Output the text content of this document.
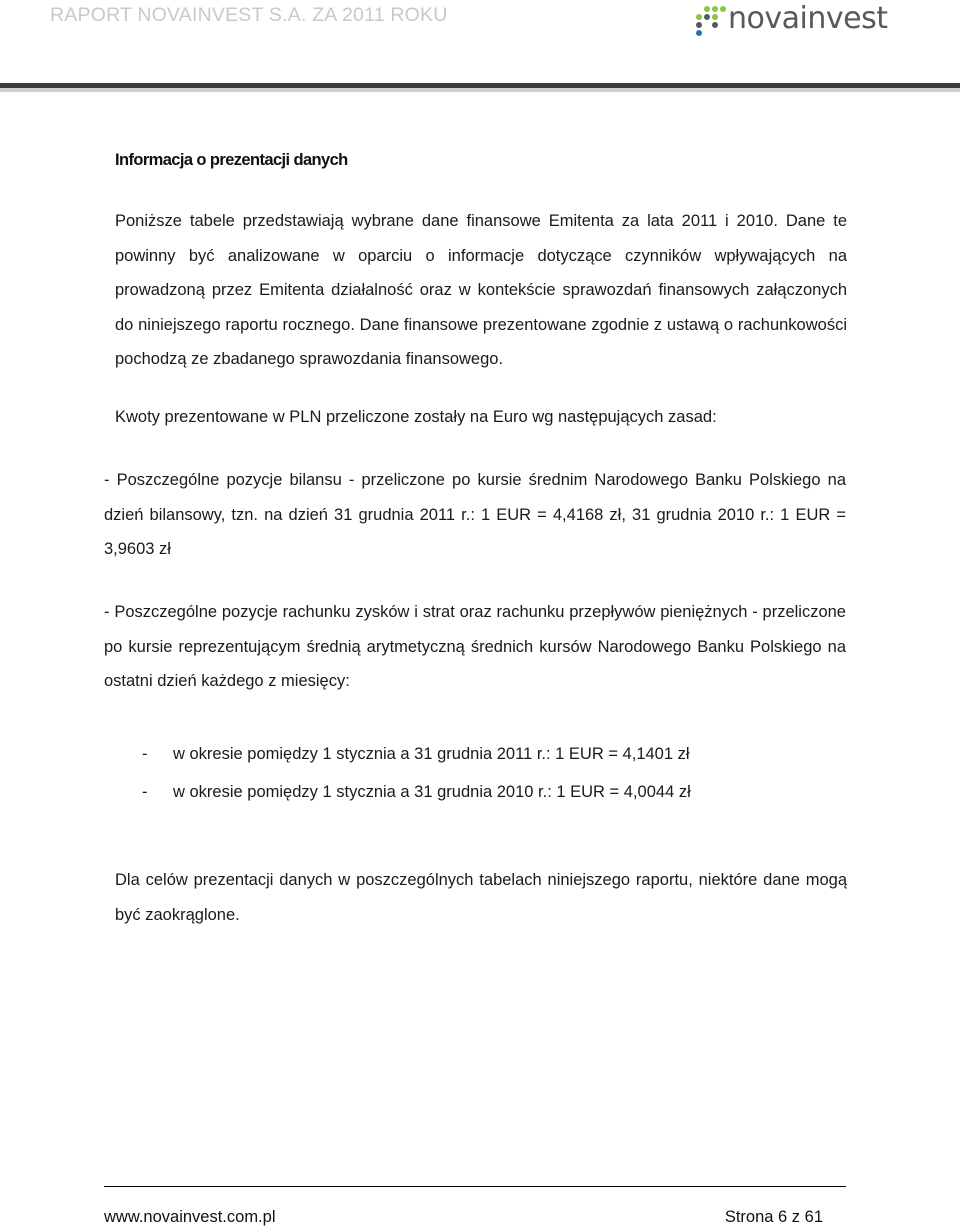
RAPORT NOVAINVEST S.A. ZA 2011 ROKU	novainvest
Informacja o prezentacji danych

Poniższe tabele przedstawiają wybrane dane finansowe Emitenta za lata 2011 i 2010. Dane te powinny być analizowane w oparciu o informacje dotyczące czynników wpływających na prowadzoną przez Emitenta działalność oraz w kontekście sprawozdań finansowych załączonych do niniejszego raportu rocznego. Dane finansowe prezentowane zgodnie z ustawą o rachunkowości pochodzą ze zbadanego sprawozdania finansowego.

Kwoty prezentowane w PLN przeliczone zostały na Euro wg następujących zasad:

- Poszczególne pozycje bilansu - przeliczone po kursie średnim Narodowego Banku Polskiego na dzień bilansowy, tzn. na dzień 31 grudnia 2011 r.: 1 EUR = 4,4168 zł, 31 grudnia 2010 r.: 1 EUR = 3,9603 zł

- Poszczególne pozycje rachunku zysków i strat oraz rachunku przepływów pieniężnych - przeliczone po kursie reprezentującym średnią arytmetyczną średnich kursów Narodowego Banku Polskiego na ostatni dzień każdego z miesięcy:

- w okresie pomiędzy 1 stycznia a 31 grudnia 2011 r.: 1 EUR = 4,1401 zł
- w okresie pomiędzy 1 stycznia a 31 grudnia 2010 r.: 1 EUR = 4,0044 zł

Dla celów prezentacji danych w poszczególnych tabelach niniejszego raportu, niektóre dane mogą być zaokrąglone.

www.novainvest.com.pl	Strona 6 z 61
